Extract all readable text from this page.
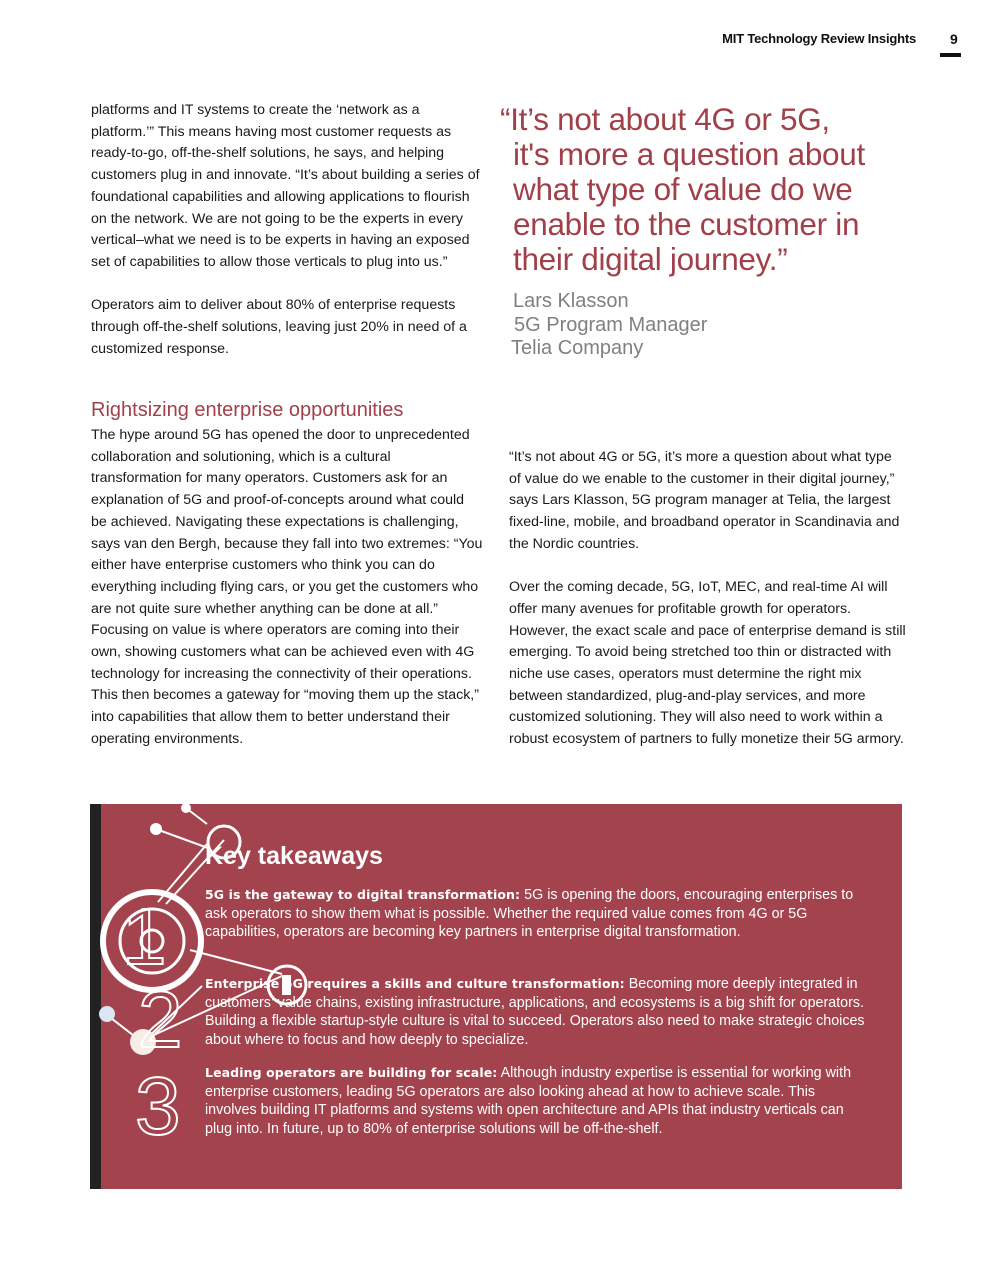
MIT Technology Review Insights 9

platforms and IT systems to create the ‘network as a platform.’” This means having most customer requests as ready-to-go, off-the-shelf solutions, he says, and helping customers plug in and innovate. “It’s about building a series of foundational capabilities and allowing applications to flourish on the network. We are not going to be the experts in every vertical–what we need is to be experts in having an exposed set of capabilities to allow those verticals to plug into us.”

Operators aim to deliver about 80% of enterprise requests through off-the-shelf solutions, leaving just 20% in need of a customized response.

Rightsizing enterprise opportunities

The hype around 5G has opened the door to unprecedented collaboration and solutioning, which is a cultural transformation for many operators. Customers ask for an explanation of 5G and proof-of-concepts around what could be achieved. Navigating these expectations is challenging, says van den Bergh, because they fall into two extremes: “You either have enterprise customers who think you can do everything including flying cars, or you get the customers who are not quite sure whether anything can be done at all.” Focusing on value is where operators are coming into their own, showing customers what can be achieved even with 4G technology for increasing the connectivity of their operations. This then becomes a gateway for “moving them up the stack,” into capabilities that allow them to better understand their operating environments.

“It’s not about 4G or 5G,
it's more a question about
what type of value do we
enable to the customer in
their digital journey.”
Lars Klasson
5G Program Manager
Telia Company

“It’s not about 4G or 5G, it’s more a question about what type of value do we enable to the customer in their digital journey,” says Lars Klasson, 5G program manager at Telia, the largest fixed-line, mobile, and broadband operator in Scandinavia and the Nordic countries.

Over the coming decade, 5G, IoT, MEC, and real-time AI will offer many avenues for profitable growth for operators. However, the exact scale and pace of enterprise demand is still emerging. To avoid being stretched too thin or distracted with niche use cases, operators must determine the right mix between standardized, plug-and-play services, and more customized solutioning. They will also need to work within a robust ecosystem of partners to fully monetize their 5G armory.

1
2
3
Key takeaways

5G is the gateway to digital transformation: 5G is opening the doors, encouraging enterprises to ask operators to show them what is possible. Whether the required value comes from 4G or 5G capabilities, operators are becoming key partners in enterprise digital transformation.

Enterprise 5G requires a skills and culture transformation: Becoming more deeply integrated in customers’ value chains, existing infrastructure, applications, and ecosystems is a big shift for operators. Building a flexible startup-style culture is vital to succeed. Operators also need to make strategic choices about where to focus and how deeply to specialize.

Leading operators are building for scale: Although industry expertise is essential for working with enterprise customers, leading 5G operators are also looking ahead at how to achieve scale. This involves building IT platforms and systems with open architecture and APIs that industry verticals can plug into. In future, up to 80% of enterprise solutions will be off-the-shelf.
